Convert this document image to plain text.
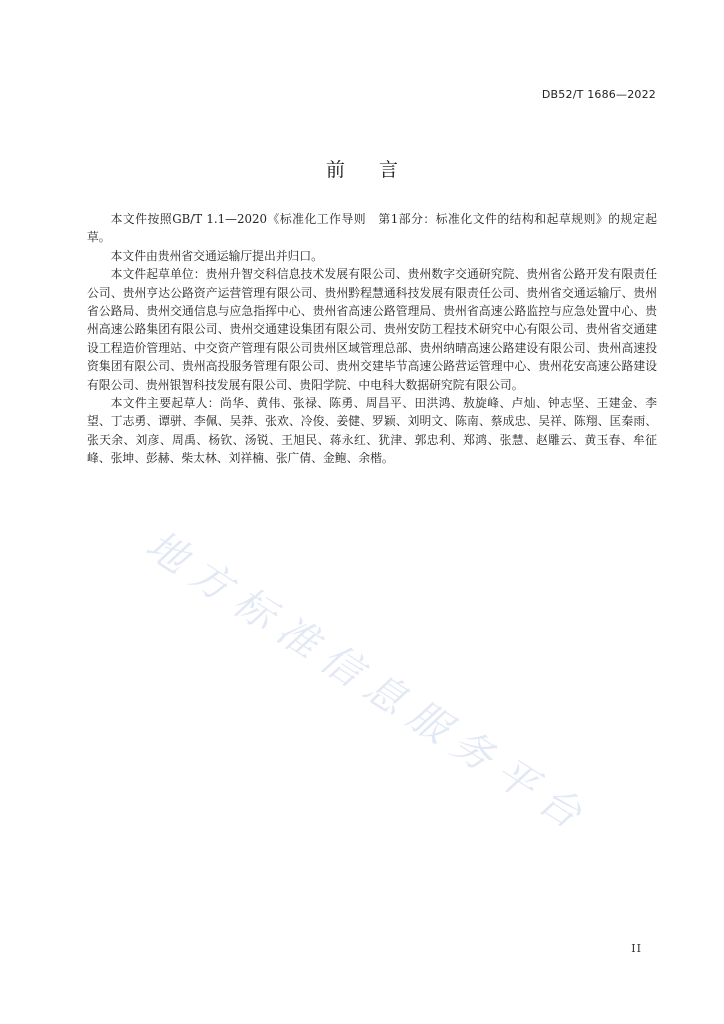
DB52/T 1686—2022
前言

本文件按照GB/T 1.1—2020《标准化工作导则　第1部分：标准化文件的结构和起草规则》的规定起草。

本文件由贵州省交通运输厅提出并归口。

本文件起草单位：贵州升智交科信息技术发展有限公司、贵州数字交通研究院、贵州省公路开发有限责任公司、贵州亨达公路资产运营管理有限公司、贵州黔程慧通科技发展有限责任公司、贵州省交通运输厅、贵州省公路局、贵州交通信息与应急指挥中心、贵州省高速公路管理局、贵州省高速公路监控与应急处置中心、贵州高速公路集团有限公司、贵州交通建设集团有限公司、贵州安防工程技术研究中心有限公司、贵州省交通建设工程造价管理站、中交资产管理有限公司贵州区域管理总部、贵州纳晴高速公路建设有限公司、贵州高速投资集团有限公司、贵州高投服务管理有限公司、贵州交建毕节高速公路营运管理中心、贵州花安高速公路建设有限公司、贵州银智科技发展有限公司、贵阳学院、中电科大数据研究院有限公司。

本文件主要起草人：尚华、黄伟、张禄、陈勇、周昌平、田洪鸿、敖旋峰、卢灿、钟志坚、王建金、李望、丁志勇、谭骈、李佩、吴莽、张欢、冷俊、姜健、罗颖、刘明文、陈南、蔡成忠、吴祥、陈翔、匡秦雨、张天余、刘彦、周禹、杨钦、汤锐、王旭民、蒋永红、犹津、郭忠利、郑鸿、张慧、赵雕云、黄玉春、牟征峰、张坤、彭赫、柴太林、刘祥楠、张广倩、金鲍、余楷。

地方标准信息服务平台
II
